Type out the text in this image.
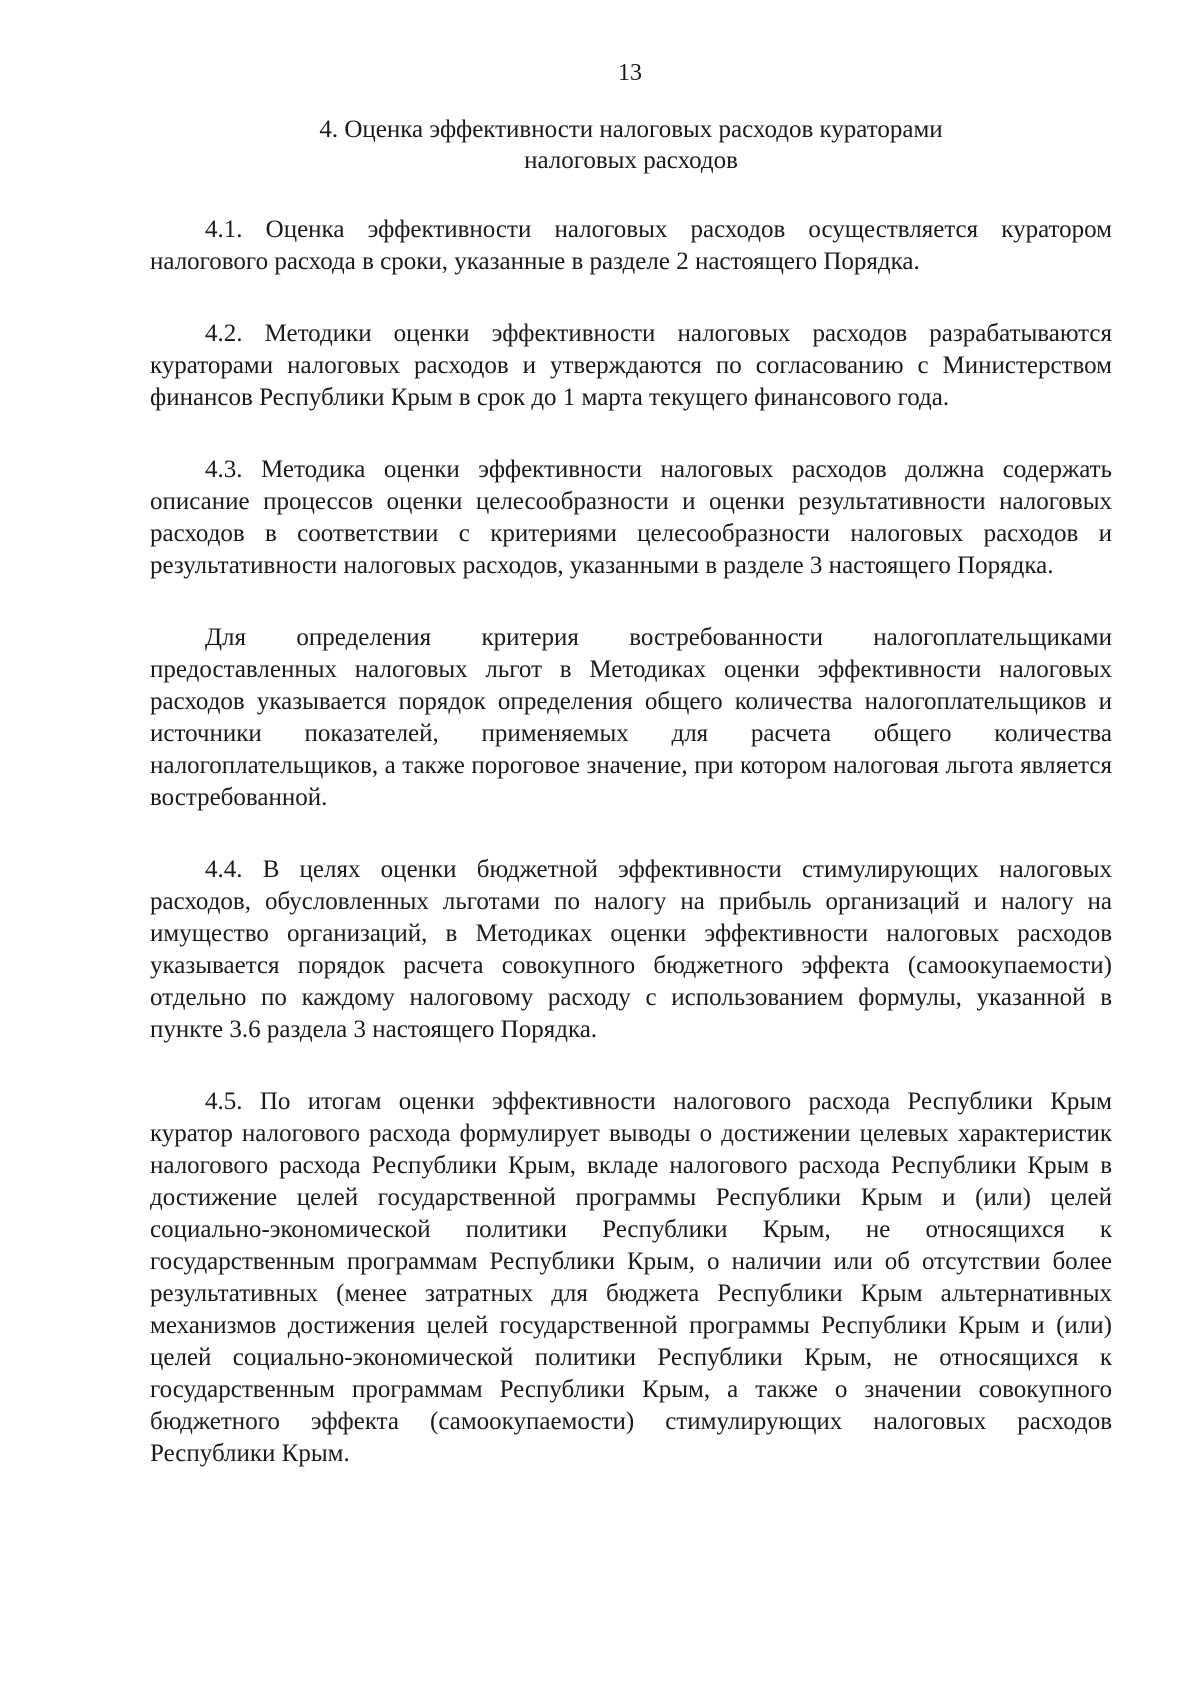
13
4. Оценка эффективности налоговых расходов кураторами
налоговых расходов

4.1. Оценка эффективности налоговых расходов осуществляется куратором налогового расхода в сроки, указанные в разделе 2 настоящего Порядка.

4.2. Методики оценки эффективности налоговых расходов разрабатываются кураторами налоговых расходов и утверждаются по согласованию с Министерством финансов Республики Крым в срок до 1 марта текущего финансового года.

4.3. Методика оценки эффективности налоговых расходов должна содержать описание процессов оценки целесообразности и оценки результативности налоговых расходов в соответствии с критериями целесообразности налоговых расходов и результативности налоговых расходов, указанными в разделе 3 настоящего Порядка.

Для определения критерия востребованности налогоплательщиками предоставленных налоговых льгот в Методиках оценки эффективности налоговых расходов указывается порядок определения общего количества налогоплательщиков и источники показателей, применяемых для расчета общего количества налогоплательщиков, а также пороговое значение, при котором налоговая льгота является востребованной.

4.4. В целях оценки бюджетной эффективности стимулирующих налоговых расходов, обусловленных льготами по налогу на прибыль организаций и налогу на имущество организаций, в Методиках оценки эффективности налоговых расходов указывается порядок расчета совокупного бюджетного эффекта (самоокупаемости) отдельно по каждому налоговому расходу с использованием формулы, указанной в пункте 3.6 раздела 3 настоящего Порядка.

4.5. По итогам оценки эффективности налогового расхода Республики Крым куратор налогового расхода формулирует выводы о достижении целевых характеристик налогового расхода Республики Крым, вкладе налогового расхода Республики Крым в достижение целей государственной программы Республики Крым и (или) целей социально-экономической политики Республики Крым, не относящихся к государственным программам Республики Крым, о наличии или об отсутствии более результативных (менее затратных для бюджета Республики Крым альтернативных механизмов достижения целей государственной программы Республики Крым и (или) целей социально-экономической политики Республики Крым, не относящихся к государственным программам Республики Крым, а также о значении совокупного бюджетного эффекта (самоокупаемости) стимулирующих налоговых расходов Республики Крым.
